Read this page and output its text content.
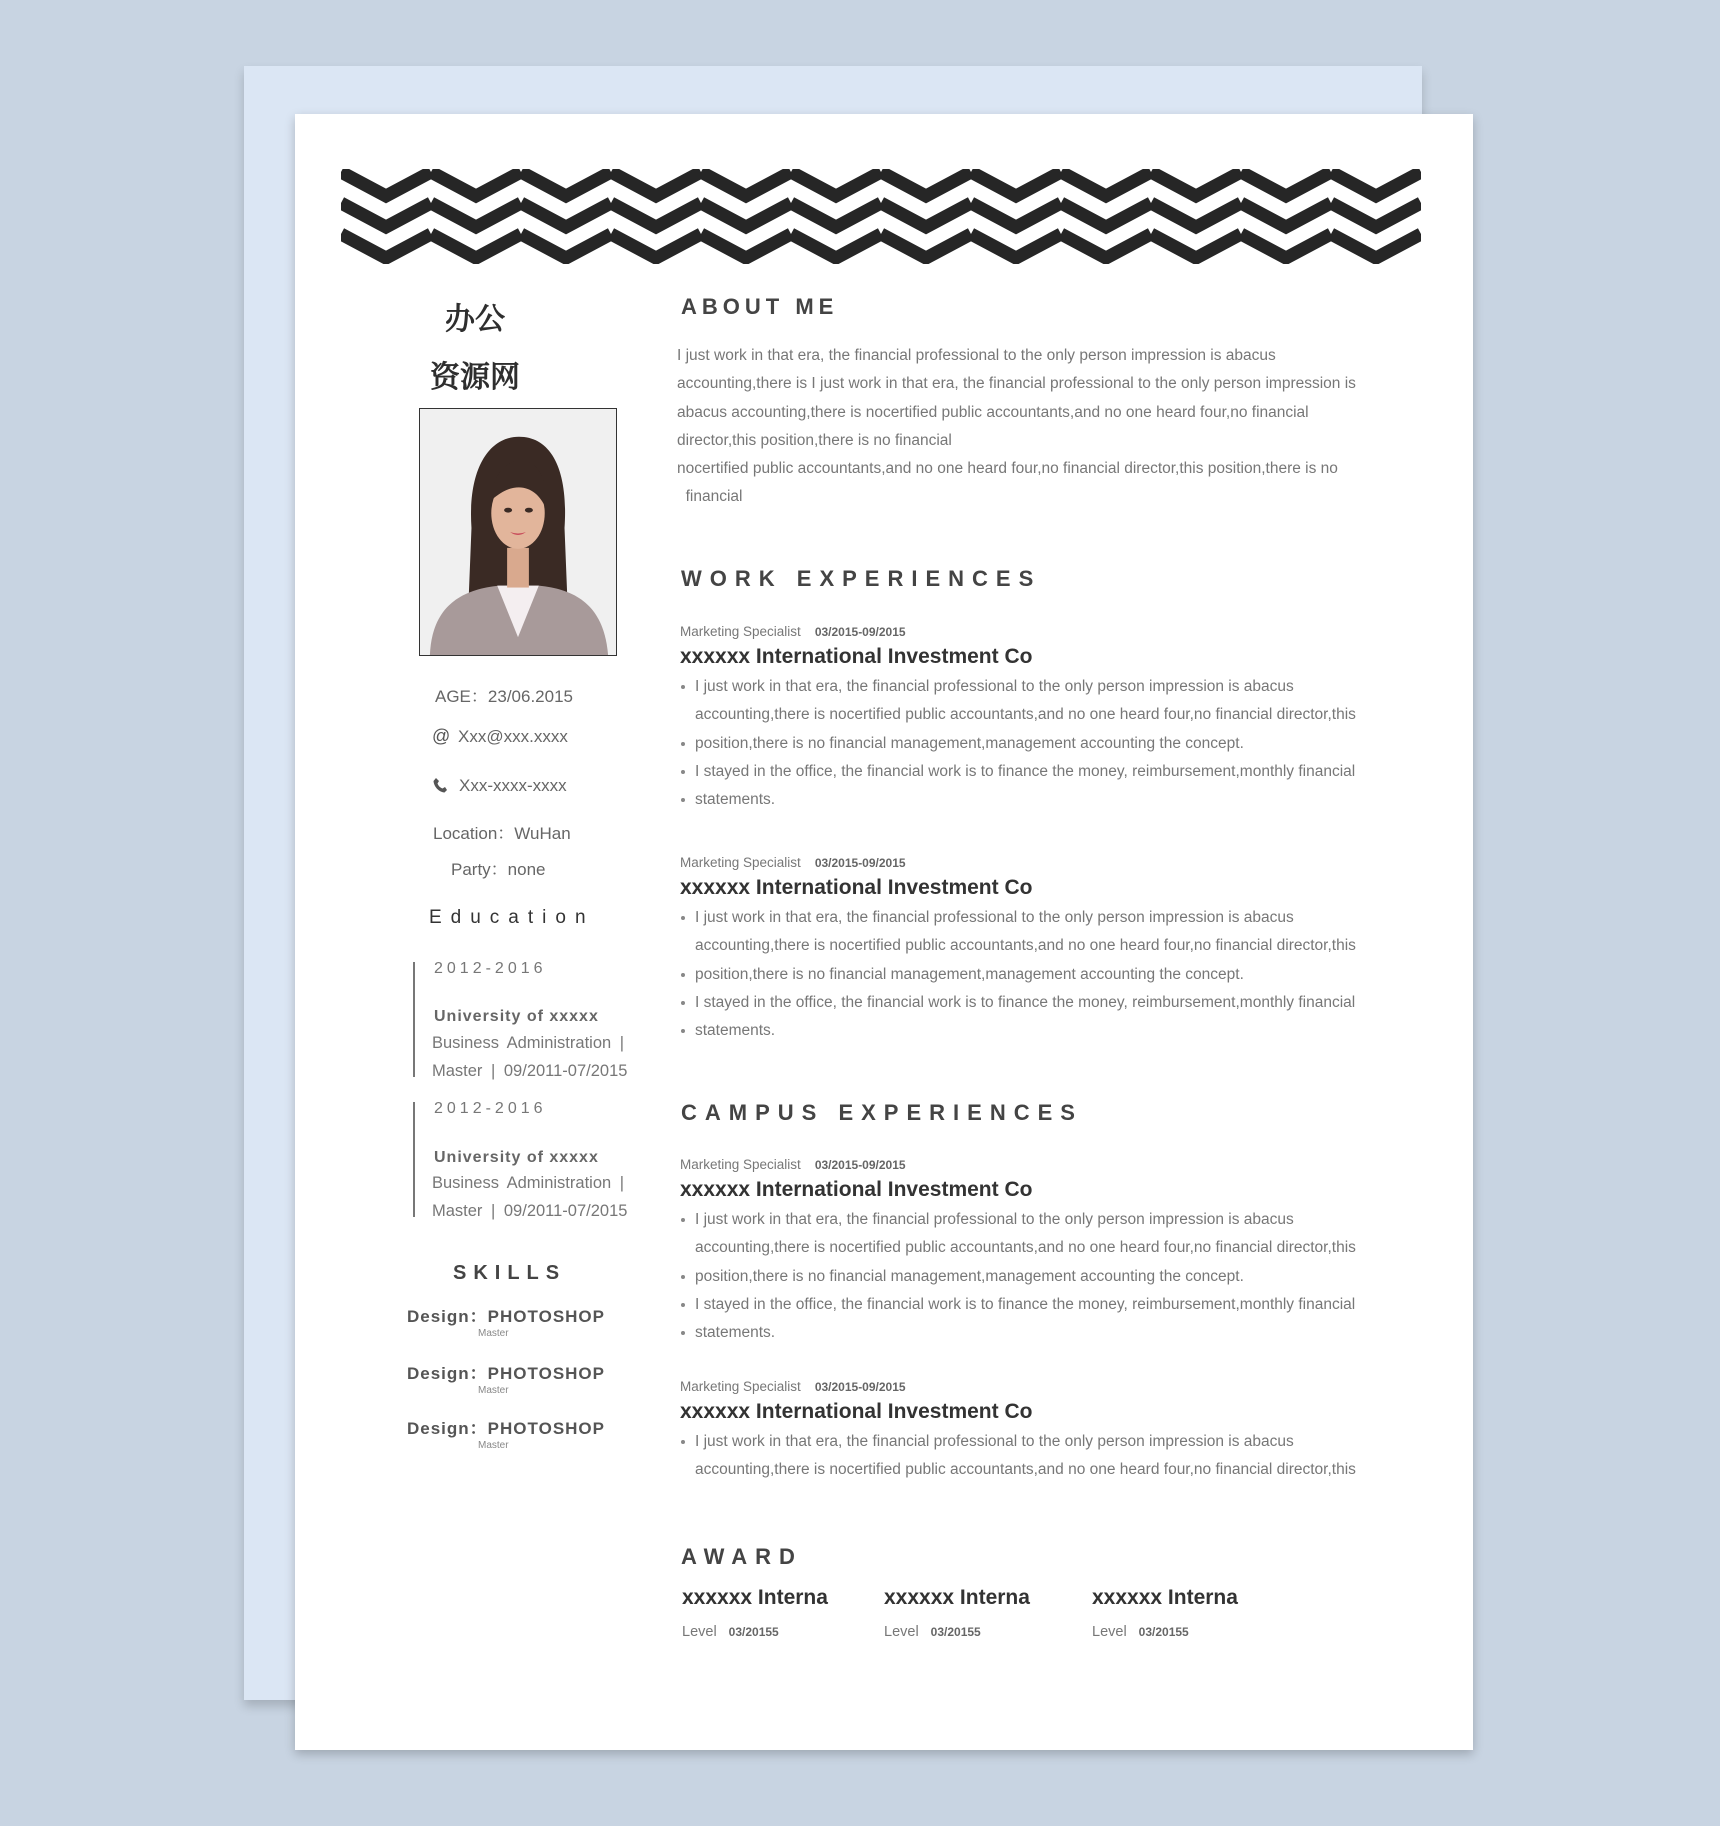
办公
资源网
AGE：23/06.2015
@ Xxx@xxx.xxxx
Xxx-xxxx-xxxx
Location：WuHan
Party：none
Education
2012-2016
University of xxxxx
Business Administration | Master | 09/2011-07/2015
2012-2016
University of xxxxx
Business Administration | Master | 09/2011-07/2015
SKILLS
Design：PHOTOSHOP
Master
Design：PHOTOSHOP
Master
Design：PHOTOSHOP
Master
ABOUT ME

I just work in that era, the financial professional to the only person impression is abacus

accounting,there is I just work in that era, the financial professional to the only person impression is

abacus accounting,there is nocertified public accountants,and no one heard four,no financial

director,this position,there is no financial

nocertified public accountants,and no one heard four,no financial director,this position,there is no

financial

WORK EXPERIENCES
Marketing Specialist 03/2015-09/2015
xxxxxx International Investment Co
I just work in that era, the financial professional to the only person impression is abacus
accounting,there is nocertified public accountants,and no one heard four,no financial director,this
position,there is no financial management,management accounting the concept.
I stayed in the office, the financial work is to finance the money, reimbursement,monthly financial
statements.
Marketing Specialist 03/2015-09/2015
xxxxxx International Investment Co
I just work in that era, the financial professional to the only person impression is abacus
accounting,there is nocertified public accountants,and no one heard four,no financial director,this
position,there is no financial management,management accounting the concept.
I stayed in the office, the financial work is to finance the money, reimbursement,monthly financial
statements.
CAMPUS EXPERIENCES
Marketing Specialist 03/2015-09/2015
xxxxxx International Investment Co
I just work in that era, the financial professional to the only person impression is abacus
accounting,there is nocertified public accountants,and no one heard four,no financial director,this
position,there is no financial management,management accounting the concept.
I stayed in the office, the financial work is to finance the money, reimbursement,monthly financial
statements.
Marketing Specialist 03/2015-09/2015
xxxxxx International Investment Co
I just work in that era, the financial professional to the only person impression is abacus
accounting,there is nocertified public accountants,and no one heard four,no financial director,this
AWARD
xxxxxx Interna
Level 03/20155
xxxxxx Interna
Level 03/20155
xxxxxx Interna
Level 03/20155
